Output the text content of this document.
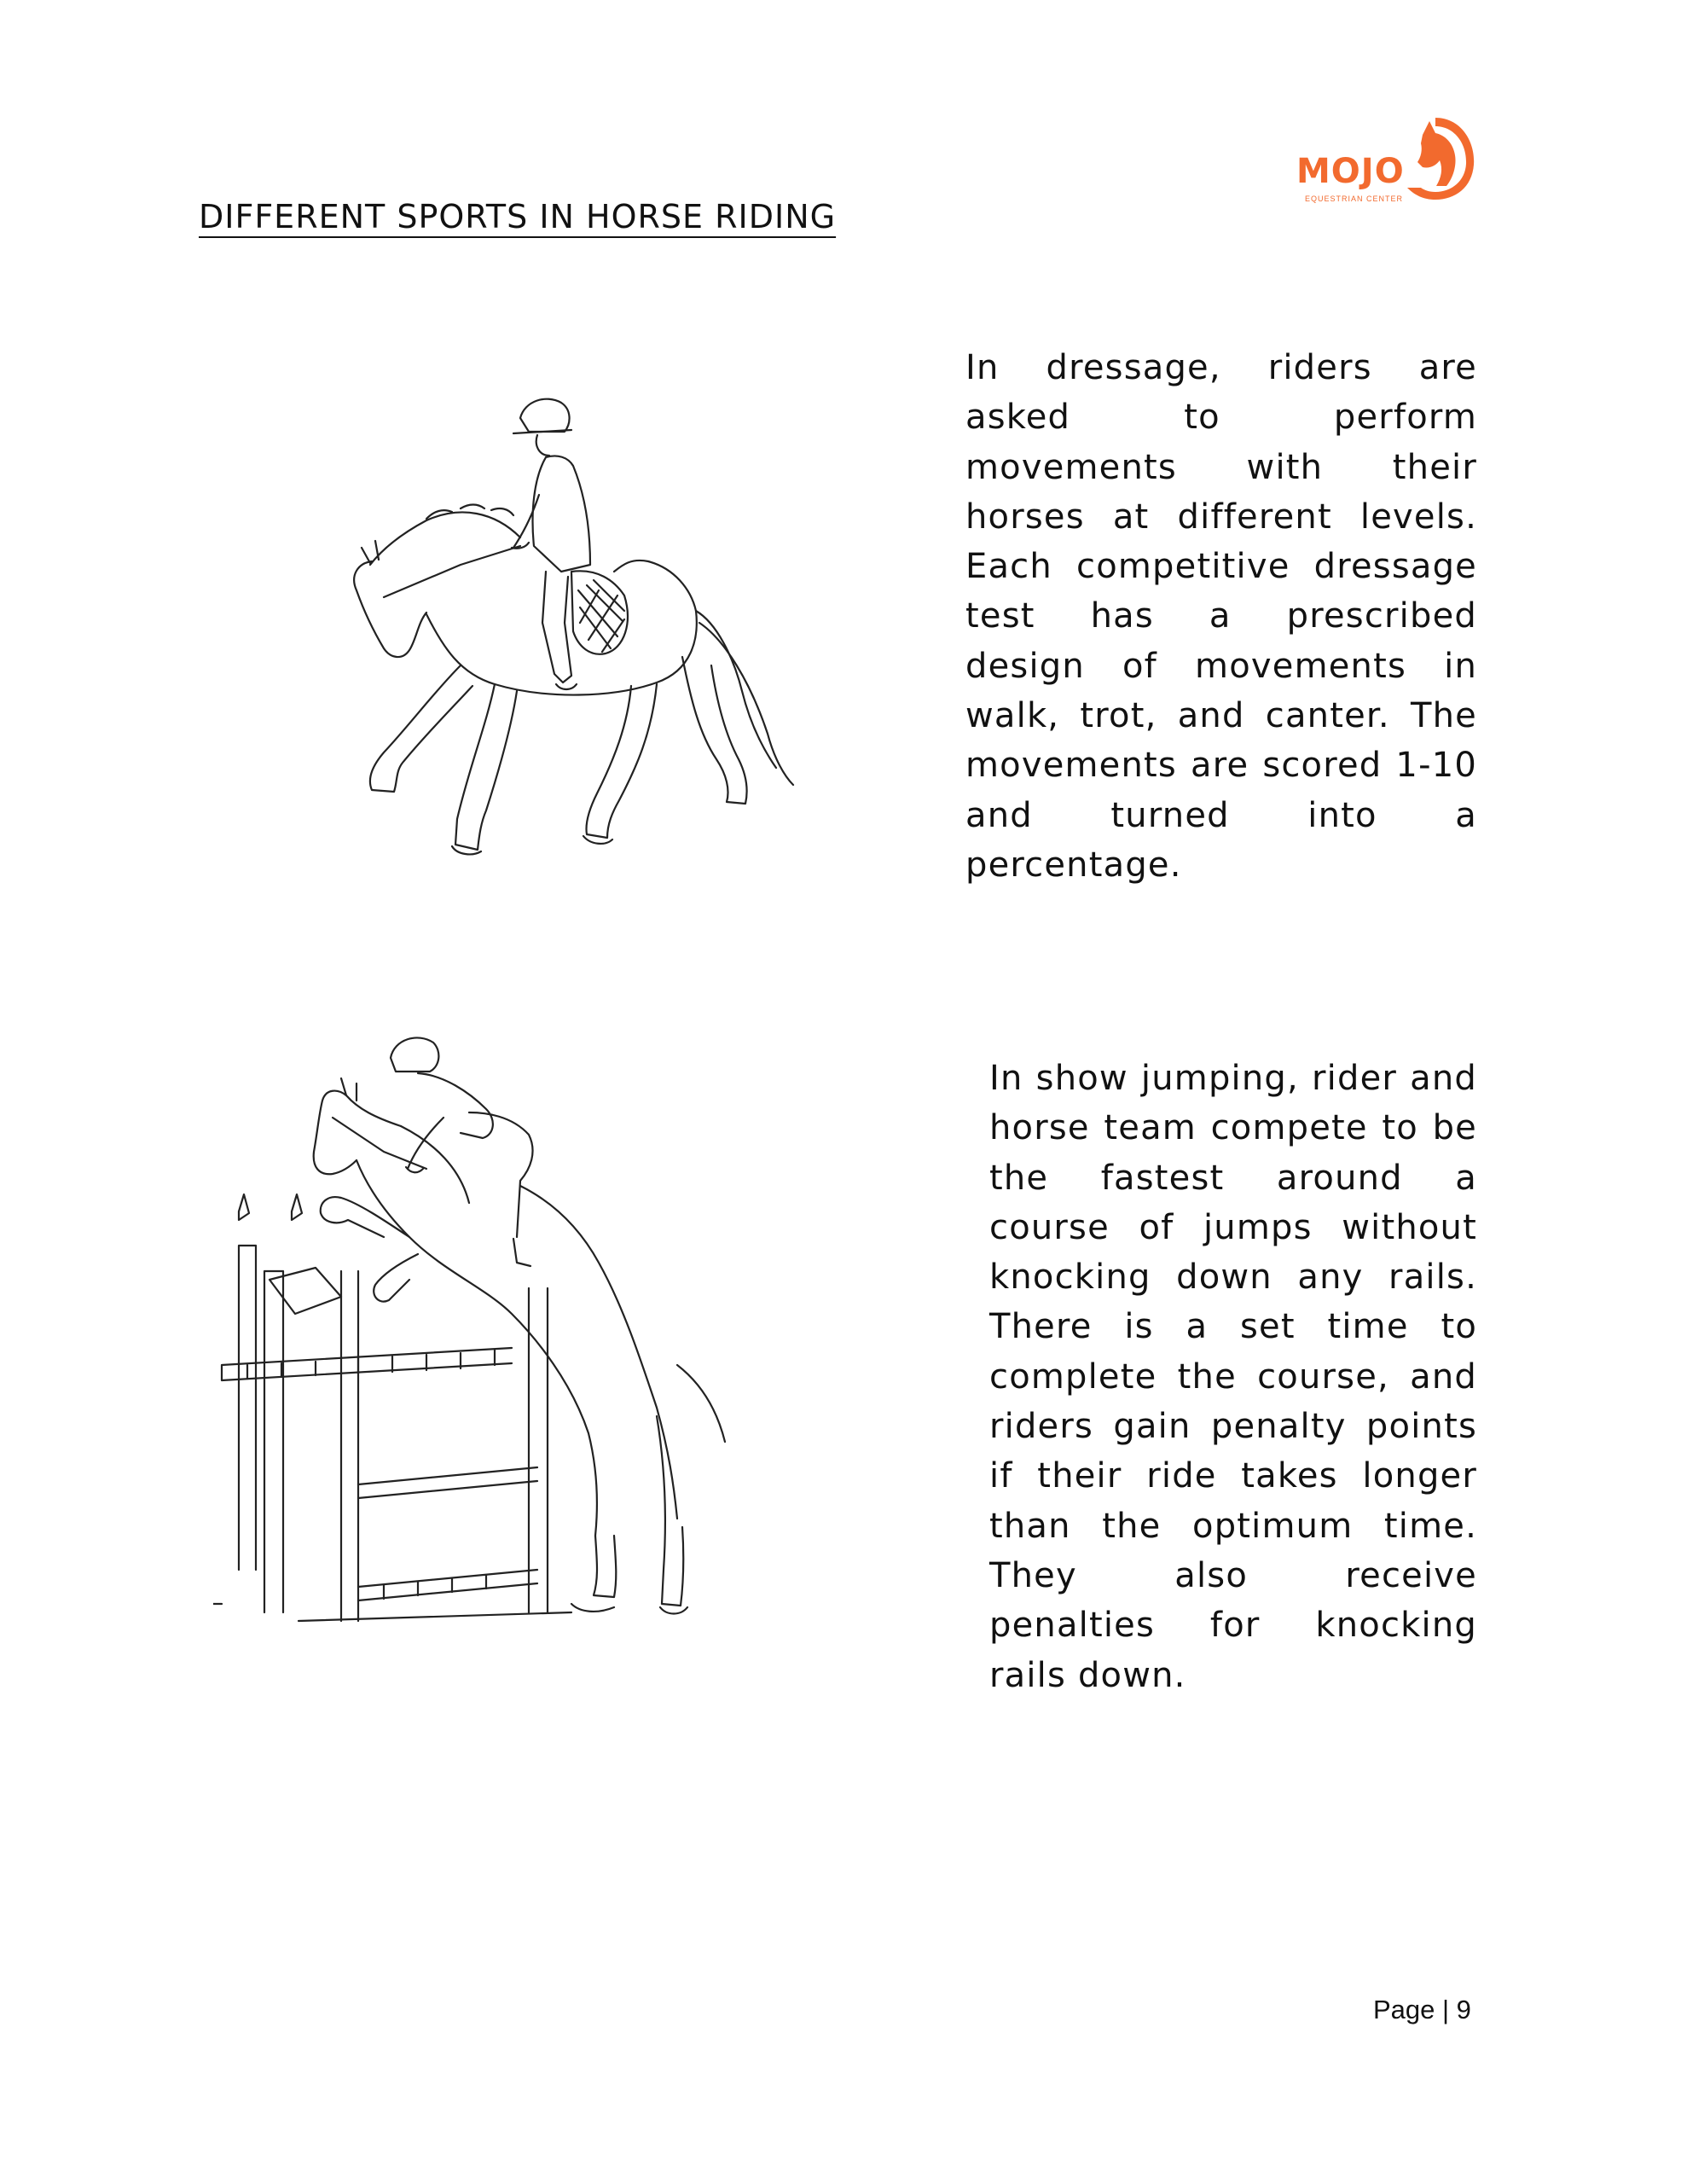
MOJO
EQUESTRIAN CENTER
DIFFERENT SPORTS IN HORSE RIDING

In dressage, riders are asked to perform movements with their horses at different levels. Each competitive dressage test has a prescribed design of movements in walk, trot, and canter. The movements are scored 1-10 and turned into a percentage.

In show jumping, rider and horse team compete to be the fastest around a course of jumps without knocking down any rails. There is a set time to complete the course, and riders gain penalty points if their ride takes longer than the optimum time. They also receive penalties for knocking rails down.

Page | 9
